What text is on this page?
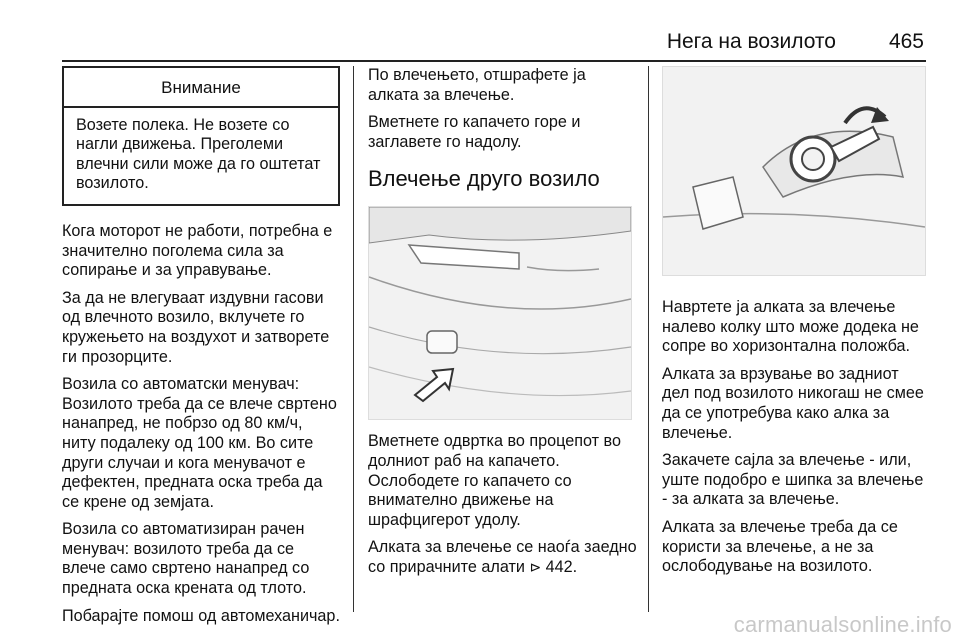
Нега на возилото	465
Внимание
Возете полека. Не возете со нагли движења. Преголеми влечни сили може да го оштетат возилото.

Кога моторот не работи, потребна е значително поголема сила за сопирање и за управување.

За да не влегуваат издувни гасови од влечното возило, вклучете го кружењето на воздухот и затворете ги прозорците.

Возила со автоматски менувач: Возилото треба да се влече свртено нанапред, не побрзо од 80 км/ч, ниту подалеку од 100 км. Во сите други случаи и кога менувачот е дефектен, предната оска треба да се крене од земјата.

Возила со автоматизиран рачен менувач: возилото треба да се влече само свртено нанапред со предната оска кренатa од тлото.

Побарајте помош од автомеханичар.

По влечењето, отшрафете ја алката за влечење.

Вметнете го капачето горе и заглавете го надолу.

Влечење друго возило

Вметнете одвртка во процепот во долниот раб на капачето. Ослободете го капачето со внимателно движење на шрафцигерот удолу.

Алката за влечење се наоѓа заедно со прирачните алати ⊳ 442.

Навртете ја алката за влечење налево колку што може додека не сопре во хоризонтална положба.

Алката за врзување во задниот дел под возилото никогаш не смее да се употребува како алка за влечење.

Закачете сајла за влечење - или, уште подобро е шипка за влечење - за алката за влечење.

Алката за влечење треба да се користи за влечење, а не за ослободување на возилото.

carmanualsonline.info
